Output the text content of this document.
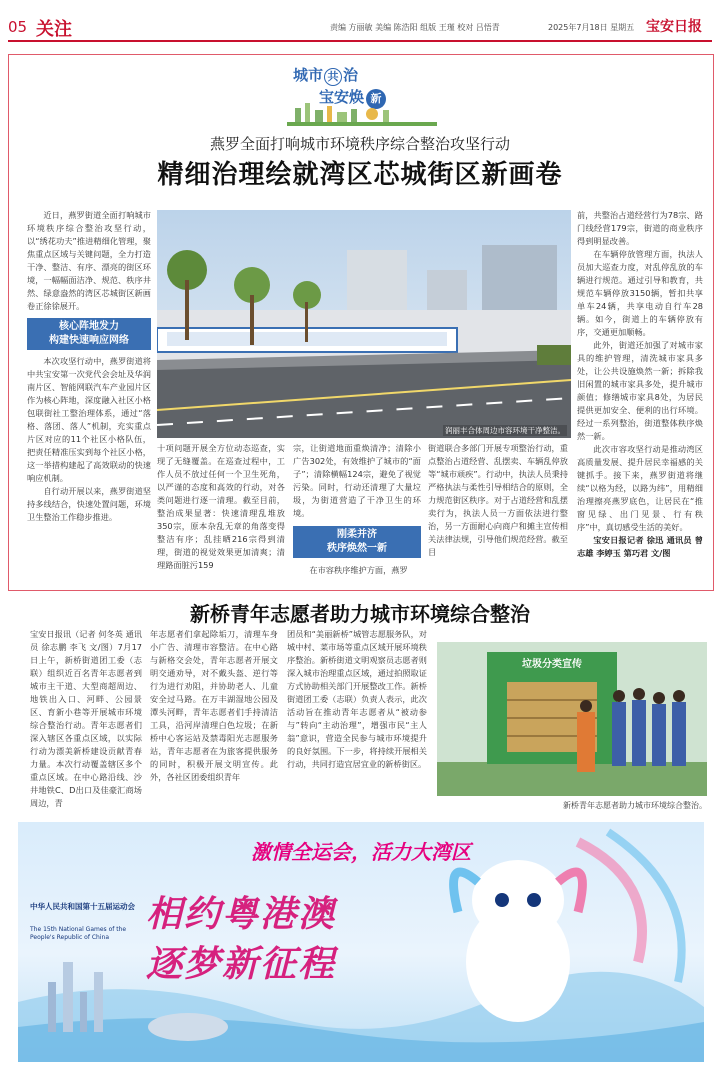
05 关注	责编 方丽敏 美编 陈浩阳 组版 王瑾 校对 吕悟青	2025年7月18日 星期五 宝安日报
城市 共 治
宝安焕 新
燕罗全面打响城市环境秩序综合整治攻坚行动
精细治理绘就湾区芯城街区新画卷

近日，燕罗街道全面打响城市环境秩序综合整治攻坚行动，以“绣花功夫”推进精细化管理，聚焦重点区域与关键问题，全力打造干净、整洁、有序、漂亮的街区环境，一幅幅面洁净、规范、秩序井然、绿意盎然的湾区芯城街区新画卷正徐徐展开。

核心阵地发力
构建快速响应网络

本次攻坚行动中，燕罗街道将中共宝安第一次党代会会址及华润南片区、智能网联汽车产业园片区作为核心阵地，深度融入社区小格包联街社工整治理体系，通过“落格、落团、落人”机制，充实重点片区对应的11个社区小格队伍，把责任精准压实到每个社区小格，这一举措构建起了高效联动的快速响应机制。

自行动开展以来，燕罗街道坚持多线结合，快速处置问题，环境卫生整治工作稳步推进。

润丽丰合体周边市容环境干净整洁。

十项问题开展全方位动态巡查，实现了无缝覆盖。在巡查过程中，工作人员不放过任何一个卫生死角，以严谨的态度和高效的行动，对各类问题进行逐一清理。截至目前，整治成果显著：快速清理乱堆放350宗，原本杂乱无章的角落变得整洁有序；乱挂晒216宗得到清理，街道的视觉效果更加清爽；清理路面脏污159

宗，让街道地面重焕清净；清除小广告302处，有效维护了城市的“面子”；清除横幅124宗，避免了视觉污染。同时，行动还清理了大量垃圾，为街道营造了干净卫生的环境。

刚柔并济
秩序焕然一新

在市容秩序维护方面，燕罗

街道联合多部门开展专项整治行动，重点整治占道经营、乱摆卖、车辆乱停放等“城市顽疾”。行动中，执法人员秉持严格执法与柔性引导相结合的原则，全力规范街区秩序。对于占道经营和乱摆卖行为，执法人员一方面依法进行整治，另一方面耐心向商户和摊主宣传相关法律法规，引导他们规范经营。截至目

前，共整治占道经营行为78宗、路门线经营179宗，街道的商业秩序得到明显改善。

在车辆停放管理方面，执法人员加大巡查力度，对乱停乱放的车辆进行规范。通过引导和教育，共规范车辆停放3150辆，暂扣共享单车24辆，共享电动自行车28辆。如今，街道上的车辆停放有序，交通更加顺畅。

此外，街道还加强了对城市家具的维护管理，清洗城市家具多处，让公共设施焕然一新；拆除我旧闲置的城市家具多处，提升城市颜值；修缮城市家具8处，为居民提供更加安全、便利的出行环境。经过一系列整治，街道整体秩序焕然一新。

此次市容攻坚行动是推动湾区高质量发展、提升居民幸福感的关键抓手。接下来，燕罗街道将继续“以格为经，以路为纬”，用精细治理擦亮燕罗底色，让居民在“推窗见绿、出门见景、行有秩序”中，真切感受生活的美好。

宝安日报记者 徐迅 通讯员 曾志雄 李婷玉 第巧君 文/图

新桥青年志愿者助力城市环境综合整治

宝安日报讯（记者 何冬英 通讯员 徐志鹏 李飞 文/图）7月17日上午，新桥街道团工委（志联）组织近百名青年志愿者到城市主干道、大型商超周边、地铁出入口、河畔、公园景区、育新小巷等开展城市环境综合整治行动。青年志愿者们深入辖区各重点区域，以实际行动为漂美新桥建设贡献青春力量。本次行动覆盖辖区多个重点区域。在中心路沿线、沙井地铁C、D出口及佳豪汇商场周边，青

年志愿者们拿起除垢刀，清理车身小广告、清理市容整洁。在中心路与新格交会处，青年志愿者开展文明交通劝导，对不戴头盔、逆行等行为进行劝阻，并协助老人、儿童安全过马路。在万丰湖湿地公园及潭头河畔，青年志愿者们手持清洁工具，沿河岸清理白色垃圾；在新桥中心客运站及禁毒阳光志愿服务站，青年志愿者在为旅客提供服务的同时，积极开展文明宣传。此外，各社区团委组织青年

团员和“美丽新桥”城管志愿服务队，对城中村、菜市场等重点区域开展环境秩序整治。新桥街道文明观察员志愿者则深入城市治理重点区域，通过拍照取证方式协助相关部门开展整改工作。新桥街道团工委（志联）负责人表示，此次活动旨在推动青年志愿者从“被动参与”转向“主动治理”，增强市民“主人翁”意识，营造全民参与城市环境提升的良好氛围。下一步，将持续开展相关行动，共同打造宜居宜业的新桥街区。

垃圾分类宣传
新桥青年志愿者助力城市环境综合整治。
激情全运会，活力大湾区
相约粤港澳
逐梦新征程
中华人民共和国第十五届运动会
The 15th National Games of the People's Republic of China
